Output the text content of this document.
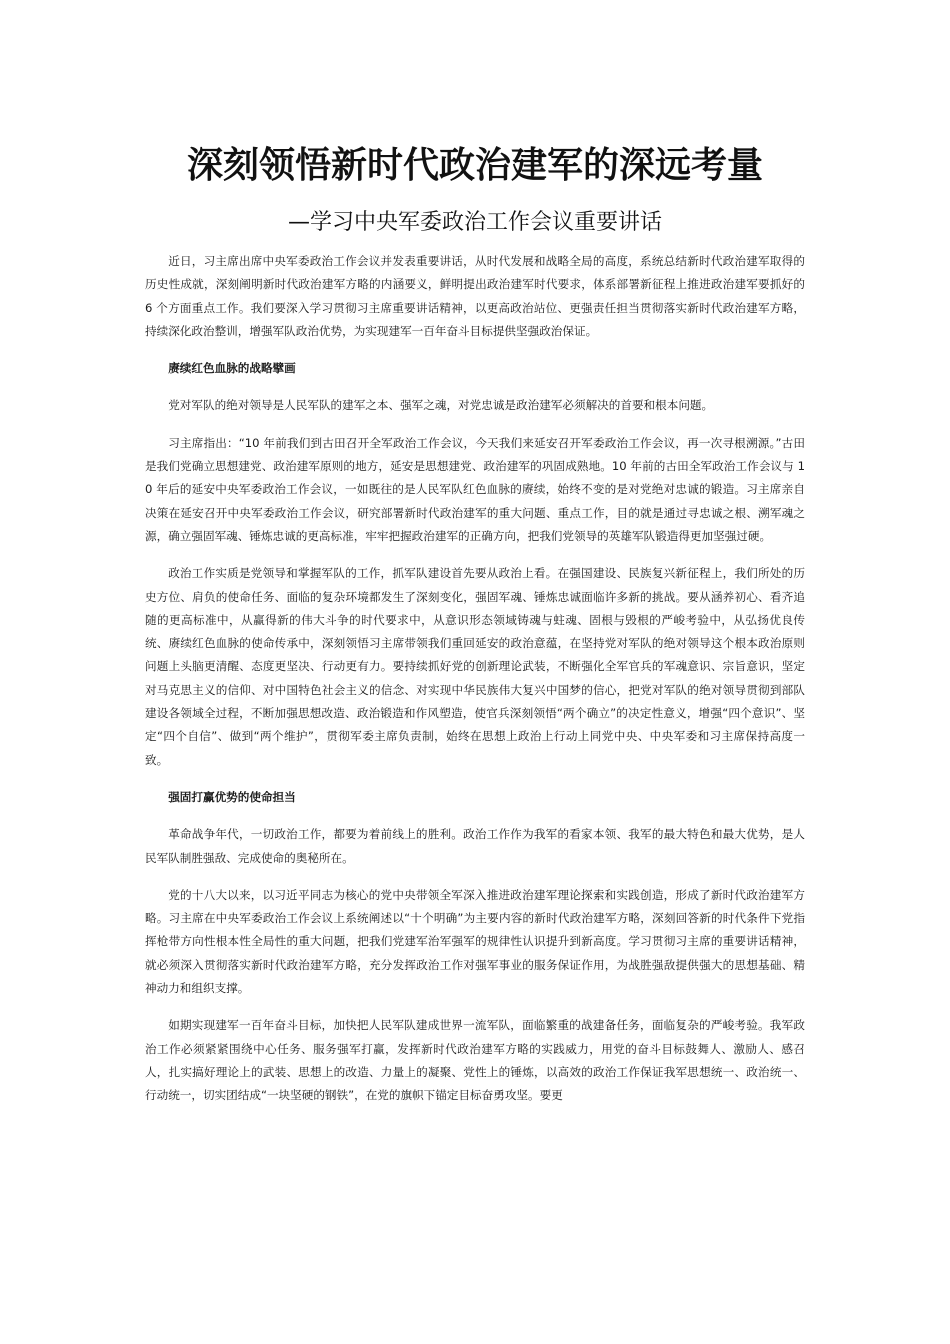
深刻领悟新时代政治建军的深远考量
—学习中央军委政治工作会议重要讲话

近日，习主席出席中央军委政治工作会议并发表重要讲话，从时代发展和战略全局的高度，系统总结新时代政治建军取得的历史性成就，深刻阐明新时代政治建军方略的内涵要义，鲜明提出政治建军时代要求，体系部署新征程上推进政治建军要抓好的 6 个方面重点工作。我们要深入学习贯彻习主席重要讲话精神，以更高政治站位、更强责任担当贯彻落实新时代政治建军方略，持续深化政治整训，增强军队政治优势，为实现建军一百年奋斗目标提供坚强政治保证。

赓续红色血脉的战略擘画

党对军队的绝对领导是人民军队的建军之本、强军之魂，对党忠诚是政治建军必须解决的首要和根本问题。

习主席指出：“10 年前我们到古田召开全军政治工作会议，今天我们来延安召开军委政治工作会议，再一次寻根溯源。”古田是我们党确立思想建党、政治建军原则的地方，延安是思想建党、政治建军的巩固成熟地。10 年前的古田全军政治工作会议与 10 年后的延安中央军委政治工作会议，一如既往的是人民军队红色血脉的赓续，始终不变的是对党绝对忠诚的锻造。习主席亲自决策在延安召开中央军委政治工作会议，研究部署新时代政治建军的重大问题、重点工作，目的就是通过寻忠诚之根、溯军魂之源，确立强固军魂、锤炼忠诚的更高标准，牢牢把握政治建军的正确方向，把我们党领导的英雄军队锻造得更加坚强过硬。

政治工作实质是党领导和掌握军队的工作，抓军队建设首先要从政治上看。在强国建设、民族复兴新征程上，我们所处的历史方位、肩负的使命任务、面临的复杂环境都发生了深刻变化，强固军魂、锤炼忠诚面临许多新的挑战。要从涵养初心、看齐追随的更高标准中，从赢得新的伟大斗争的时代要求中，从意识形态领域铸魂与蛀魂、固根与毁根的严峻考验中，从弘扬优良传统、赓续红色血脉的使命传承中，深刻领悟习主席带领我们重回延安的政治意蕴，在坚持党对军队的绝对领导这个根本政治原则问题上头脑更清醒、态度更坚决、行动更有力。要持续抓好党的创新理论武装，不断强化全军官兵的军魂意识、宗旨意识，坚定对马克思主义的信仰、对中国特色社会主义的信念、对实现中华民族伟大复兴中国梦的信心，把党对军队的绝对领导贯彻到部队建设各领域全过程，不断加强思想改造、政治锻造和作风塑造，使官兵深刻领悟“两个确立”的决定性意义，增强“四个意识”、坚定“四个自信”、做到“两个维护”，贯彻军委主席负责制，始终在思想上政治上行动上同党中央、中央军委和习主席保持高度一致。

强固打赢优势的使命担当

革命战争年代，一切政治工作，都要为着前线上的胜利。政治工作作为我军的看家本领、我军的最大特色和最大优势，是人民军队制胜强敌、完成使命的奥秘所在。

党的十八大以来，以习近平同志为核心的党中央带领全军深入推进政治建军理论探索和实践创造，形成了新时代政治建军方略。习主席在中央军委政治工作会议上系统阐述以“十个明确”为主要内容的新时代政治建军方略，深刻回答新的时代条件下党指挥枪带方向性根本性全局性的重大问题，把我们党建军治军强军的规律性认识提升到新高度。学习贯彻习主席的重要讲话精神，就必须深入贯彻落实新时代政治建军方略，充分发挥政治工作对强军事业的服务保证作用，为战胜强敌提供强大的思想基础、精神动力和组织支撑。

如期实现建军一百年奋斗目标，加快把人民军队建成世界一流军队，面临繁重的战建备任务，面临复杂的严峻考验。我军政治工作必须紧紧围绕中心任务、服务强军打赢，发挥新时代政治建军方略的实践威力，用党的奋斗目标鼓舞人、激励人、感召人，扎实搞好理论上的武装、思想上的改造、力量上的凝聚、党性上的锤炼，以高效的政治工作保证我军思想统一、政治统一、行动统一，切实团结成“一块坚硬的钢铁”，在党的旗帜下锚定目标奋勇攻坚。要更
